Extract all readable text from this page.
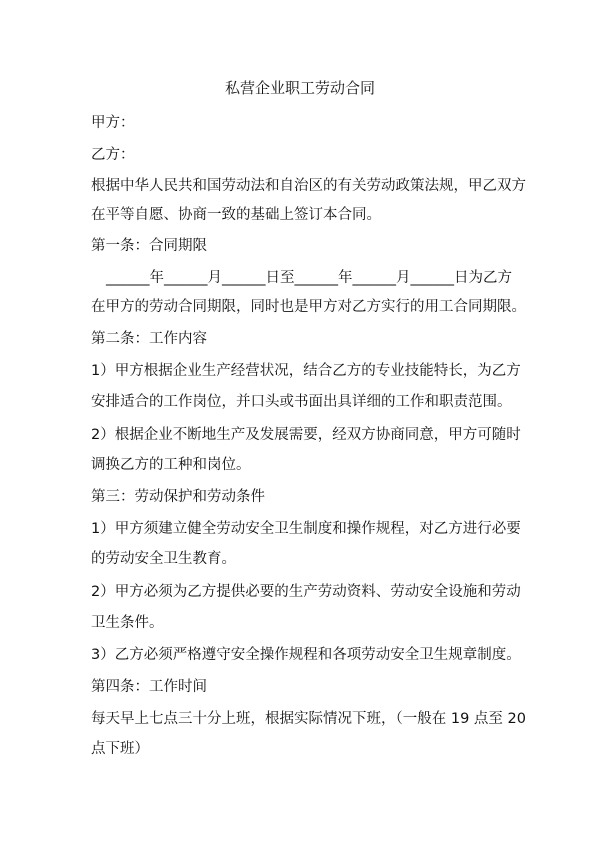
私营企业职工劳动合同
甲方：
乙方：
根据中华人民共和国劳动法和自治区的有关劳动政策法规，甲乙双方
在平等自愿、协商一致的基础上签订本合同。
第一条：合同期限
______年______月______日至______年______月______日为乙方
在甲方的劳动合同期限，同时也是甲方对乙方实行的用工合同期限。
第二条：工作内容
1）甲方根据企业生产经营状况，结合乙方的专业技能特长，为乙方
安排适合的工作岗位，并口头或书面出具详细的工作和职责范围。
2）根据企业不断地生产及发展需要，经双方协商同意，甲方可随时
调换乙方的工种和岗位。
第三：劳动保护和劳动条件
1）甲方须建立健全劳动安全卫生制度和操作规程，对乙方进行必要
的劳动安全卫生教育。
2）甲方必须为乙方提供必要的生产劳动资料、劳动安全设施和劳动
卫生条件。
3）乙方必须严格遵守安全操作规程和各项劳动安全卫生规章制度。
第四条：工作时间
每天早上七点三十分上班，根据实际情况下班，（一般在 19 点至 20
点下班）
